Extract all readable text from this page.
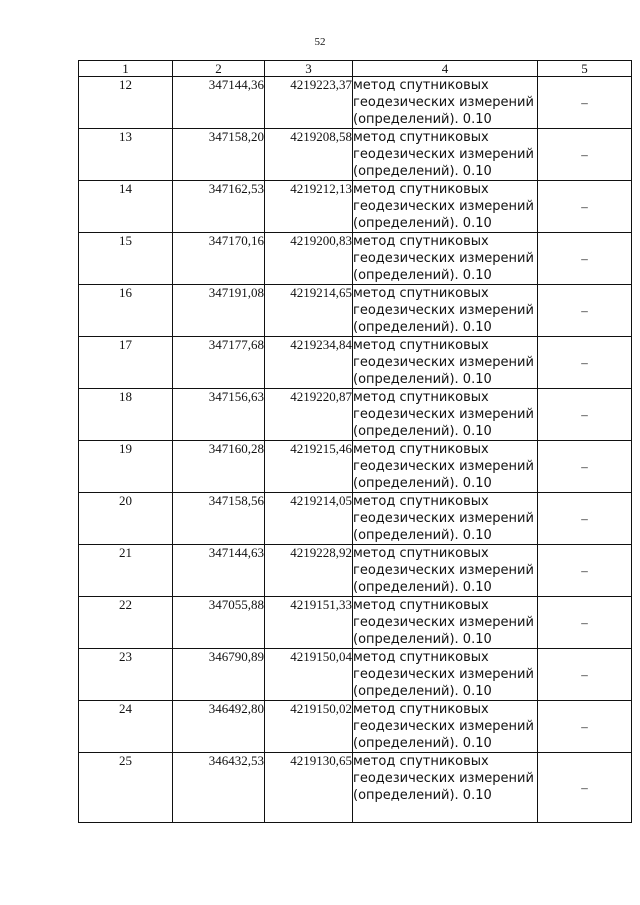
52
1	2	3	4	5
12	347144,36	4219223,37	метод спутниковых
геодезических измерений
(определений). 0.10	–
13	347158,20	4219208,58	метод спутниковых
геодезических измерений
(определений). 0.10	–
14	347162,53	4219212,13	метод спутниковых
геодезических измерений
(определений). 0.10	–
15	347170,16	4219200,83	метод спутниковых
геодезических измерений
(определений). 0.10	–
16	347191,08	4219214,65	метод спутниковых
геодезических измерений
(определений). 0.10	–
17	347177,68	4219234,84	метод спутниковых
геодезических измерений
(определений). 0.10	–
18	347156,63	4219220,87	метод спутниковых
геодезических измерений
(определений). 0.10	–
19	347160,28	4219215,46	метод спутниковых
геодезических измерений
(определений). 0.10	–
20	347158,56	4219214,05	метод спутниковых
геодезических измерений
(определений). 0.10	–
21	347144,63	4219228,92	метод спутниковых
геодезических измерений
(определений). 0.10	–
22	347055,88	4219151,33	метод спутниковых
геодезических измерений
(определений). 0.10	–
23	346790,89	4219150,04	метод спутниковых
геодезических измерений
(определений). 0.10	–
24	346492,80	4219150,02	метод спутниковых
геодезических измерений
(определений). 0.10	–
25	346432,53	4219130,65	метод спутниковых
геодезических измерений
(определений). 0.10	–
